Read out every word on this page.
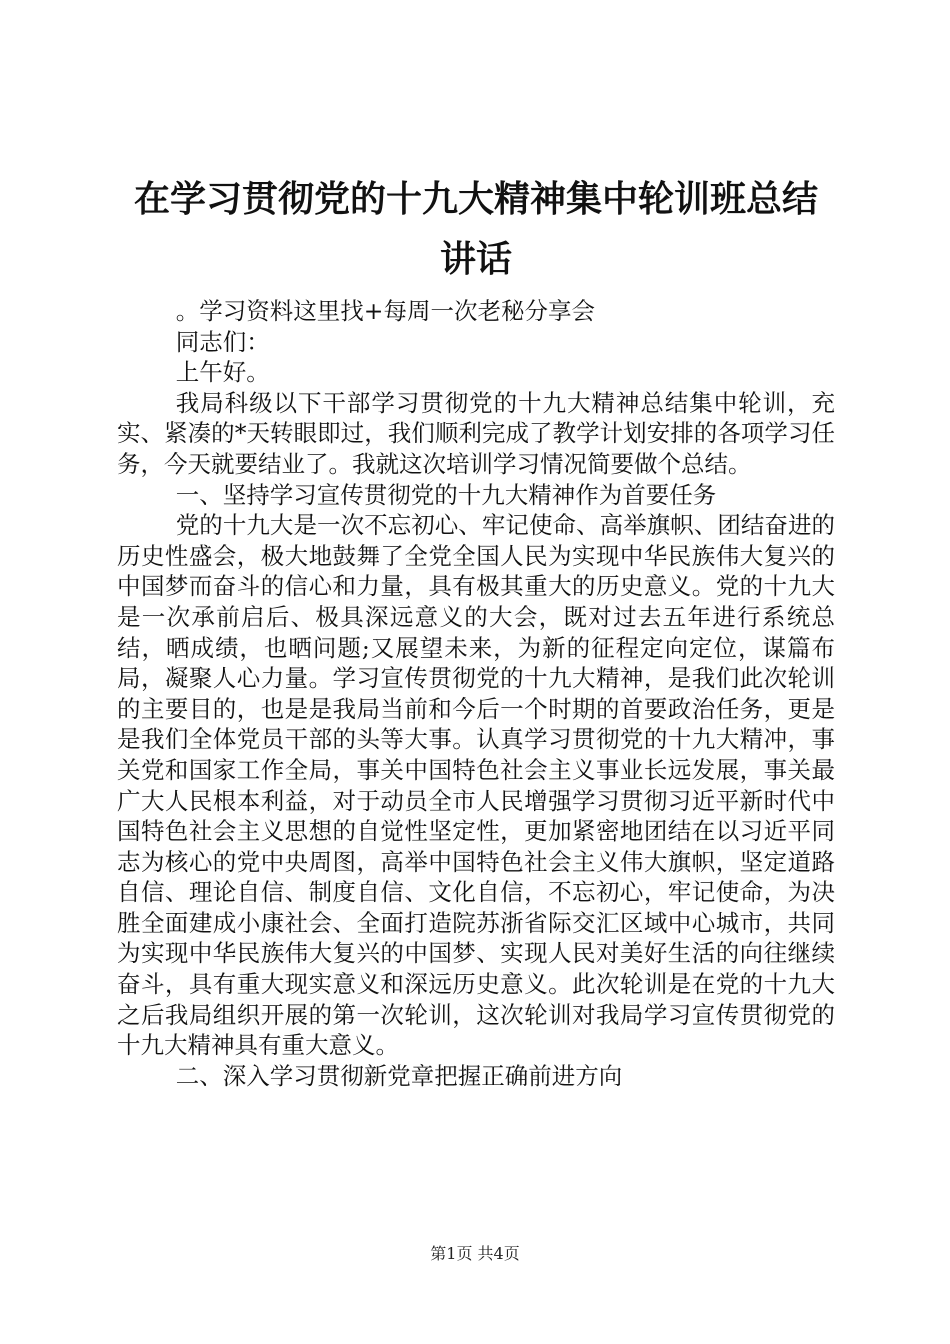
在学习贯彻党的十九大精神集中轮训班总结讲话

。学习资料这里找+每周一次老秘分享会

同志们：

上午好。

我局科级以下干部学习贯彻党的十九大精神总结集中轮训，充实、紧凑的*天转眼即过，我们顺利完成了教学计划安排的各项学习任务，今天就要结业了。我就这次培训学习情况简要做个总结。

一、坚持学习宣传贯彻党的十九大精神作为首要任务

党的十九大是一次不忘初心、牢记使命、高举旗帜、团结奋进的历史性盛会，极大地鼓舞了全党全国人民为实现中华民族伟大复兴的中国梦而奋斗的信心和力量，具有极其重大的历史意义。党的十九大是一次承前启后、极具深远意义的大会，既对过去五年进行系统总结，晒成绩，也晒问题;又展望未来，为新的征程定向定位，谋篇布局，凝聚人心力量。学习宣传贯彻党的十九大精神，是我们此次轮训的主要目的，也是是我局当前和今后一个时期的首要政治任务，更是是我们全体党员干部的头等大事。认真学习贯彻党的十九大精冲，事关党和国家工作全局，事关中国特色社会主义事业长远发展，事关最广大人民根本利益，对于动员全市人民增强学习贯彻习近平新时代中国特色社会主义思想的自觉性坚定性，更加紧密地团结在以习近平同志为核心的党中央周图，高举中国特色社会主义伟大旗帜，坚定道路自信、理论自信、制度自信、文化自信，不忘初心，牢记使命，为决胜全面建成小康社会、全面打造院苏浙省际交汇区域中心城市，共同为实现中华民族伟大复兴的中国梦、实现人民对美好生活的向往继续奋斗，具有重大现实意义和深远历史意义。此次轮训是在党的十九大之后我局组织开展的第一次轮训，这次轮训对我局学习宣传贯彻党的十九大精神具有重大意义。

二、深入学习贯彻新党章把握正确前进方向

第1页 共4页
